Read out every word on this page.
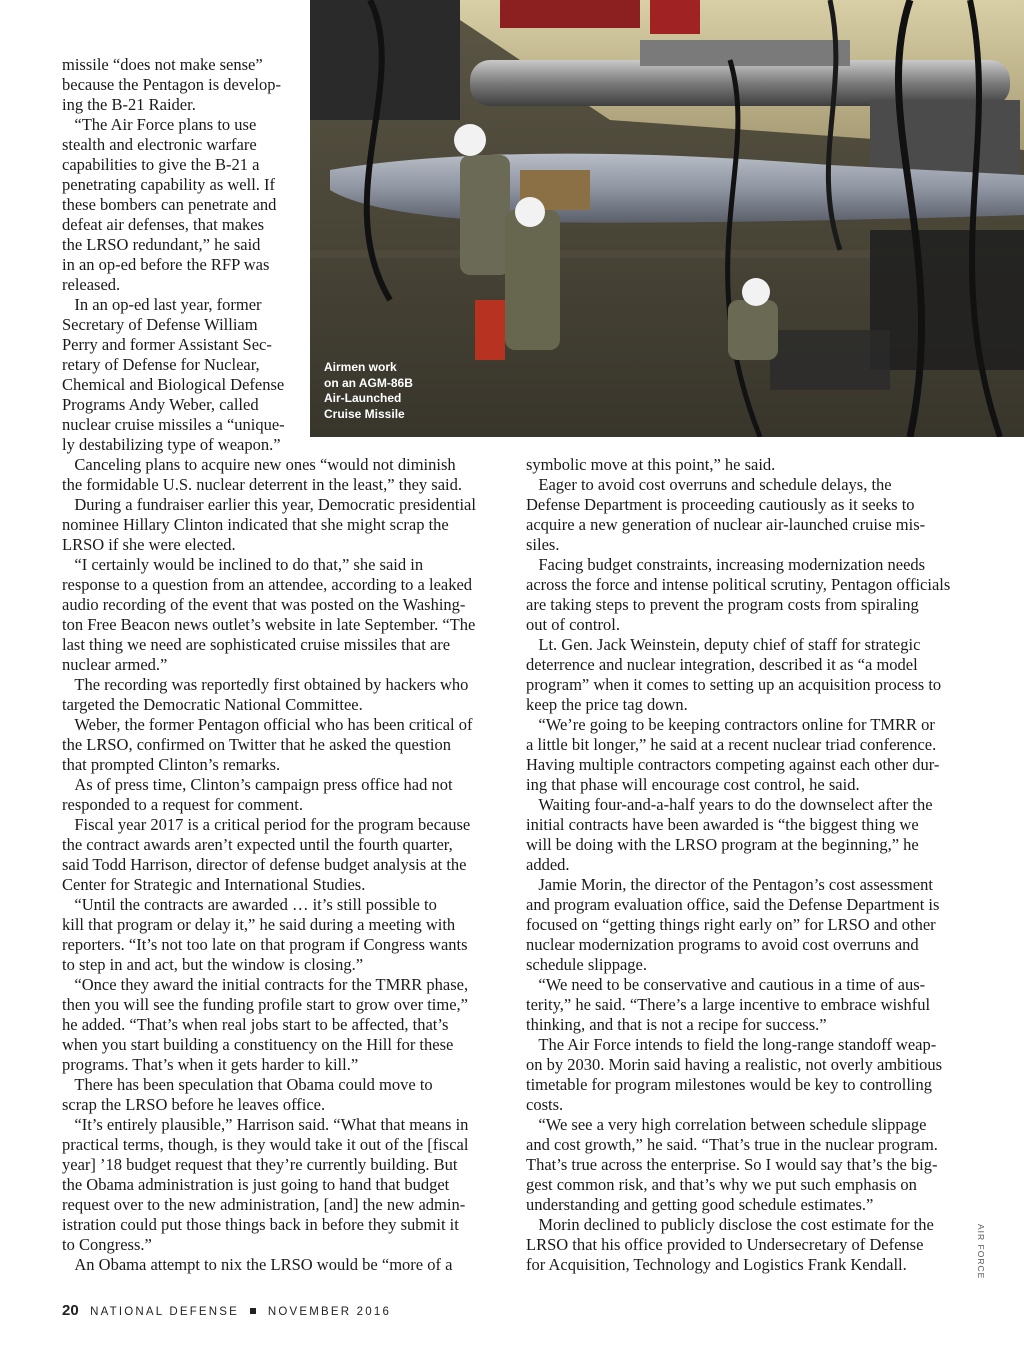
Airmen work
on an AGM-86B
Air-Launched
Cruise Missile
missile “does not make sense”
because the Pentagon is develop-
ing the B-21 Raider.
“The Air Force plans to use
stealth and electronic warfare
capabilities to give the B-21 a
penetrating capability as well. If
these bombers can penetrate and
defeat air defenses, that makes
the LRSO redundant,” he said
in an op-ed before the RFP was
released.
In an op-ed last year, former
Secretary of Defense William
Perry and former Assistant Sec-
retary of Defense for Nuclear,
Chemical and Biological Defense
Programs Andy Weber, called
nuclear cruise missiles a “unique-
ly destabilizing type of weapon.”
Canceling plans to acquire new ones “would not diminish
the formidable U.S. nuclear deterrent in the least,” they said.
During a fundraiser earlier this year, Democratic presidential
nominee Hillary Clinton indicated that she might scrap the
LRSO if she were elected.
“I certainly would be inclined to do that,” she said in
response to a question from an attendee, according to a leaked
audio recording of the event that was posted on the Washing-
ton Free Beacon news outlet’s website in late September. “The
last thing we need are sophisticated cruise missiles that are
nuclear armed.”
The recording was reportedly first obtained by hackers who
targeted the Democratic National Committee.
Weber, the former Pentagon official who has been critical of
the LRSO, confirmed on Twitter that he asked the question
that prompted Clinton’s remarks.
As of press time, Clinton’s campaign press office had not
responded to a request for comment.
Fiscal year 2017 is a critical period for the program because
the contract awards aren’t expected until the fourth quarter,
said Todd Harrison, director of defense budget analysis at the
Center for Strategic and International Studies.
“Until the contracts are awarded … it’s still possible to
kill that program or delay it,” he said during a meeting with
reporters. “It’s not too late on that program if Congress wants
to step in and act, but the window is closing.”
“Once they award the initial contracts for the TMRR phase,
then you will see the funding profile start to grow over time,”
he added. “That’s when real jobs start to be affected, that’s
when you start building a constituency on the Hill for these
programs. That’s when it gets harder to kill.”
There has been speculation that Obama could move to
scrap the LRSO before he leaves office.
“It’s entirely plausible,” Harrison said. “What that means in
practical terms, though, is they would take it out of the [fiscal
year] ’18 budget request that they’re currently building. But
the Obama administration is just going to hand that budget
request over to the new administration, [and] the new admin-
istration could put those things back in before they submit it
to Congress.”
An Obama attempt to nix the LRSO would be “more of a
symbolic move at this point,” he said.
Eager to avoid cost overruns and schedule delays, the
Defense Department is proceeding cautiously as it seeks to
acquire a new generation of nuclear air-launched cruise mis-
siles.
Facing budget constraints, increasing modernization needs
across the force and intense political scrutiny, Pentagon officials
are taking steps to prevent the program costs from spiraling
out of control.
Lt. Gen. Jack Weinstein, deputy chief of staff for strategic
deterrence and nuclear integration, described it as “a model
program” when it comes to setting up an acquisition process to
keep the price tag down.
“We’re going to be keeping contractors online for TMRR or
a little bit longer,” he said at a recent nuclear triad conference.
Having multiple contractors competing against each other dur-
ing that phase will encourage cost control, he said.
Waiting four-and-a-half years to do the downselect after the
initial contracts have been awarded is “the biggest thing we
will be doing with the LRSO program at the beginning,” he
added.
Jamie Morin, the director of the Pentagon’s cost assessment
and program evaluation office, said the Defense Department is
focused on “getting things right early on” for LRSO and other
nuclear modernization programs to avoid cost overruns and
schedule slippage.
“We need to be conservative and cautious in a time of aus-
terity,” he said. “There’s a large incentive to embrace wishful
thinking, and that is not a recipe for success.”
The Air Force intends to field the long-range standoff weap-
on by 2030. Morin said having a realistic, not overly ambitious
timetable for program milestones would be key to controlling
costs.
“We see a very high correlation between schedule slippage
and cost growth,” he said. “That’s true in the nuclear program.
That’s true across the enterprise. So I would say that’s the big-
gest common risk, and that’s why we put such emphasis on
understanding and getting good schedule estimates.”
Morin declined to publicly disclose the cost estimate for the
LRSO that his office provided to Undersecretary of Defense
for Acquisition, Technology and Logistics Frank Kendall.
20 NATIONAL DEFENSE	NOVEMBER 2016
AIR FORCE
